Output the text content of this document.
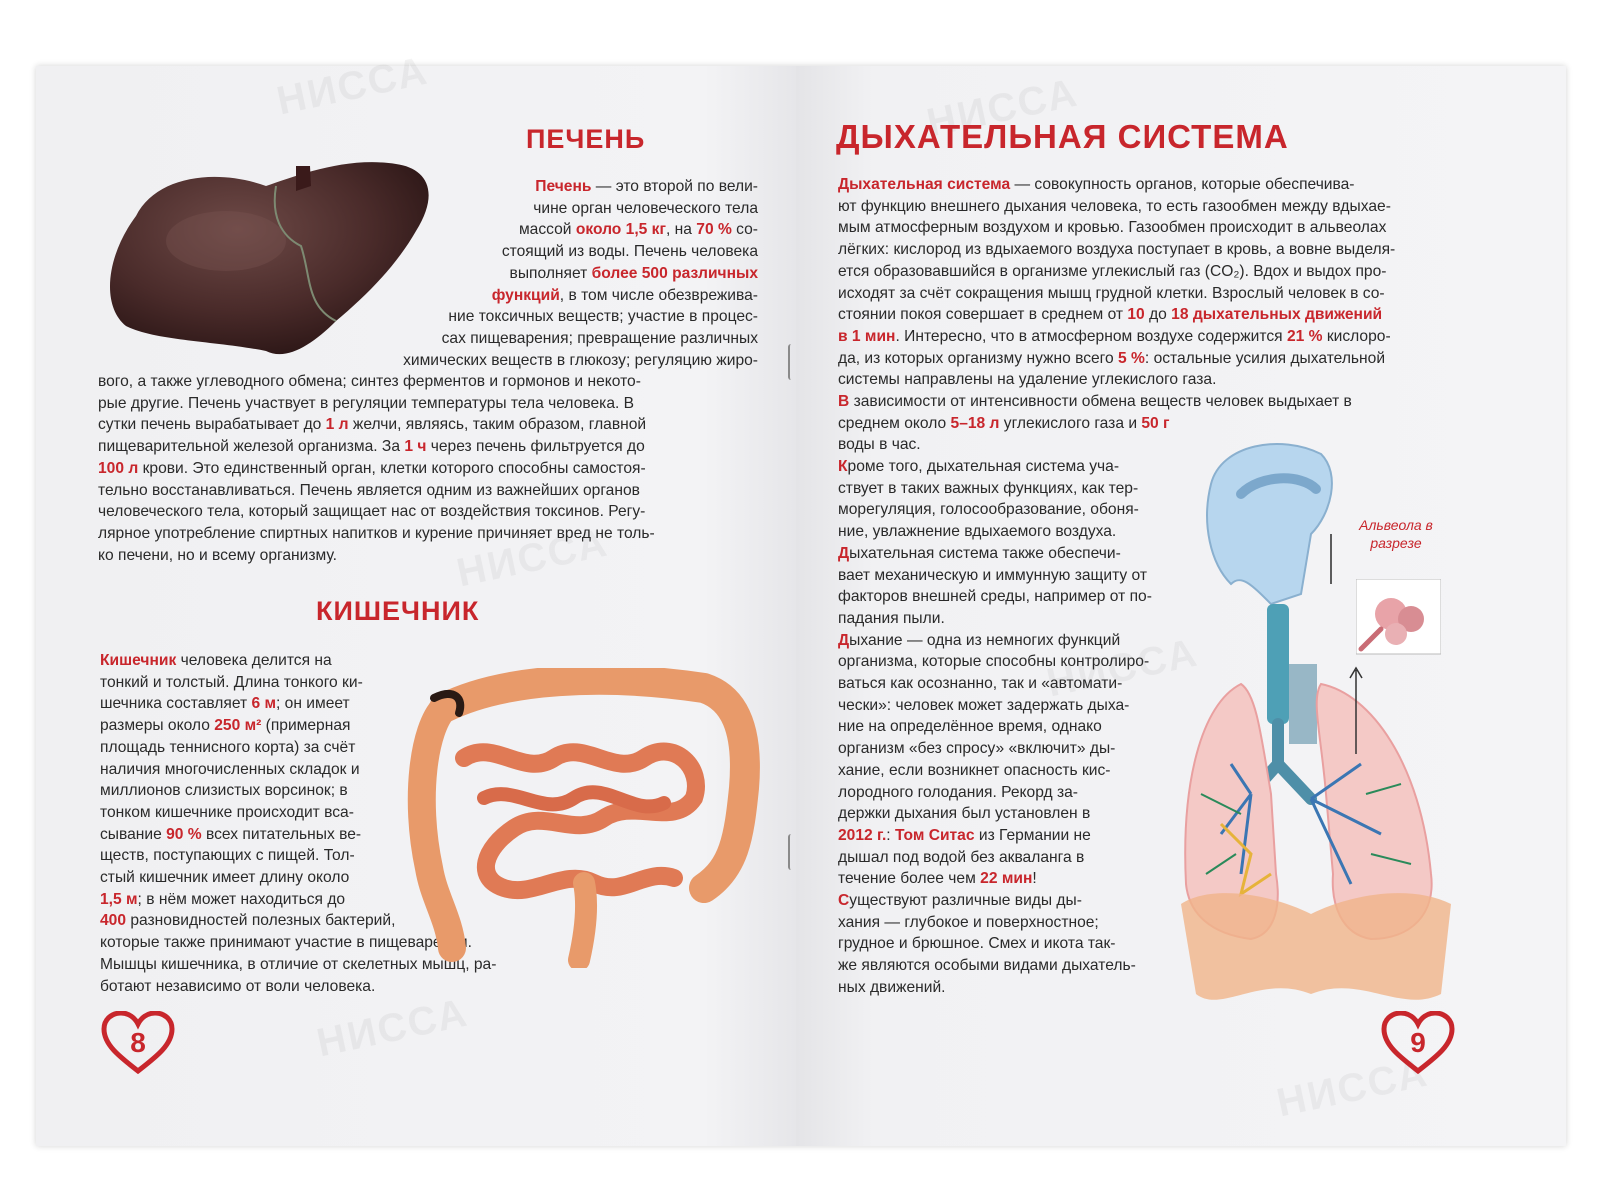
ПЕЧЕНЬ
Печень — это второй по вели-
чине орган человеческого тела
массой около 1,5 кг, на 70 % со-
стоящий из воды. Печень человека
выполняет более 500 различных
функций, в том числе обезврежива-
ние токсичных веществ; участие в процес-
сах пищеварения; превращение различных
химических веществ в глюкозу; регуляцию жиро-
вого, а также углеводного обмена; синтез ферментов и гормонов и некото-
рые другие. Печень участвует в регуляции температуры тела человека. В
сутки печень вырабатывает до 1 л желчи, являясь, таким образом, главной
пищеварительной железой организма. За 1 ч через печень фильтруется до
100 л крови. Это единственный орган, клетки которого способны самостоя-
тельно восстанавливаться. Печень является одним из важнейших органов
человеческого тела, который защищает нас от воздействия токсинов. Регу-
лярное употребление спиртных напитков и курение причиняет вред не толь-
ко печени, но и всему организму.
КИШЕЧНИК
Кишечник человека делится на
тонкий и толстый. Длина тонкого ки-
шечника составляет 6 м; он имеет
размеры около 250 м² (примерная
площадь теннисного корта) за счёт
наличия многочисленных складок и
миллионов слизистых ворсинок; в
тонком кишечнике происходит вса-
сывание 90 % всех питательных ве-
ществ, поступающих с пищей. Тол-
стый кишечник имеет длину около
1,5 м; в нём может находиться до
400 разновидностей полезных бактерий,
которые также принимают участие в пищеварении.
Мышцы кишечника, в отличие от скелетных мышц, ра-
ботают независимо от воли человека.
8
ДЫХАТЕЛЬНАЯ СИСТЕМА
Дыхательная система — совокупность органов, которые обеспечива-
ют функцию внешнего дыхания человека, то есть газообмен между вдыхае-
мым атмосферным воздухом и кровью. Газообмен происходит в альвеолах
лёгких: кислород из вдыхаемого воздуха поступает в кровь, а вовне выделя-
ется образовавшийся в организме углекислый газ (CO₂). Вдох и выдох про-
исходят за счёт сокращения мышц грудной клетки. Взрослый человек в со-
стоянии покоя совершает в среднем от 10 до 18 дыхательных движений
в 1 мин. Интересно, что в атмосферном воздухе содержится 21 % кислоро-
да, из которых организму нужно всего 5 %: остальные усилия дыхательной
системы направлены на удаление углекислого газа.
В зависимости от интенсивности обмена веществ человек выдыхает в
среднем около 5–18 л углекислого газа и 50 г
воды в час.
Кроме того, дыхательная система уча-
ствует в таких важных функциях, как тер-
морегуляция, голосообразование, обоня-
ние, увлажнение вдыхаемого воздуха.
Дыхательная система также обеспечи-
вает механическую и иммунную защиту от
факторов внешней среды, например от по-
падания пыли.
Дыхание — одна из немногих функций
организма, которые способны контролиро-
ваться как осознанно, так и «автомати-
чески»: человек может задержать дыха-
ние на определённое время, однако
организм «без спросу» «включит» ды-
хание, если возникнет опасность кис-
лородного голодания. Рекорд за-
держки дыхания был установлен в
2012 г.: Том Ситас из Германии не
дышал под водой без акваланга в
течение более чем 22 мин!
Существуют различные виды ды-
хания — глубокое и поверхностное;
грудное и брюшное. Смех и икота так-
же являются особыми видами дыхатель-
ных движений.
Альвеола в разрезе
9
